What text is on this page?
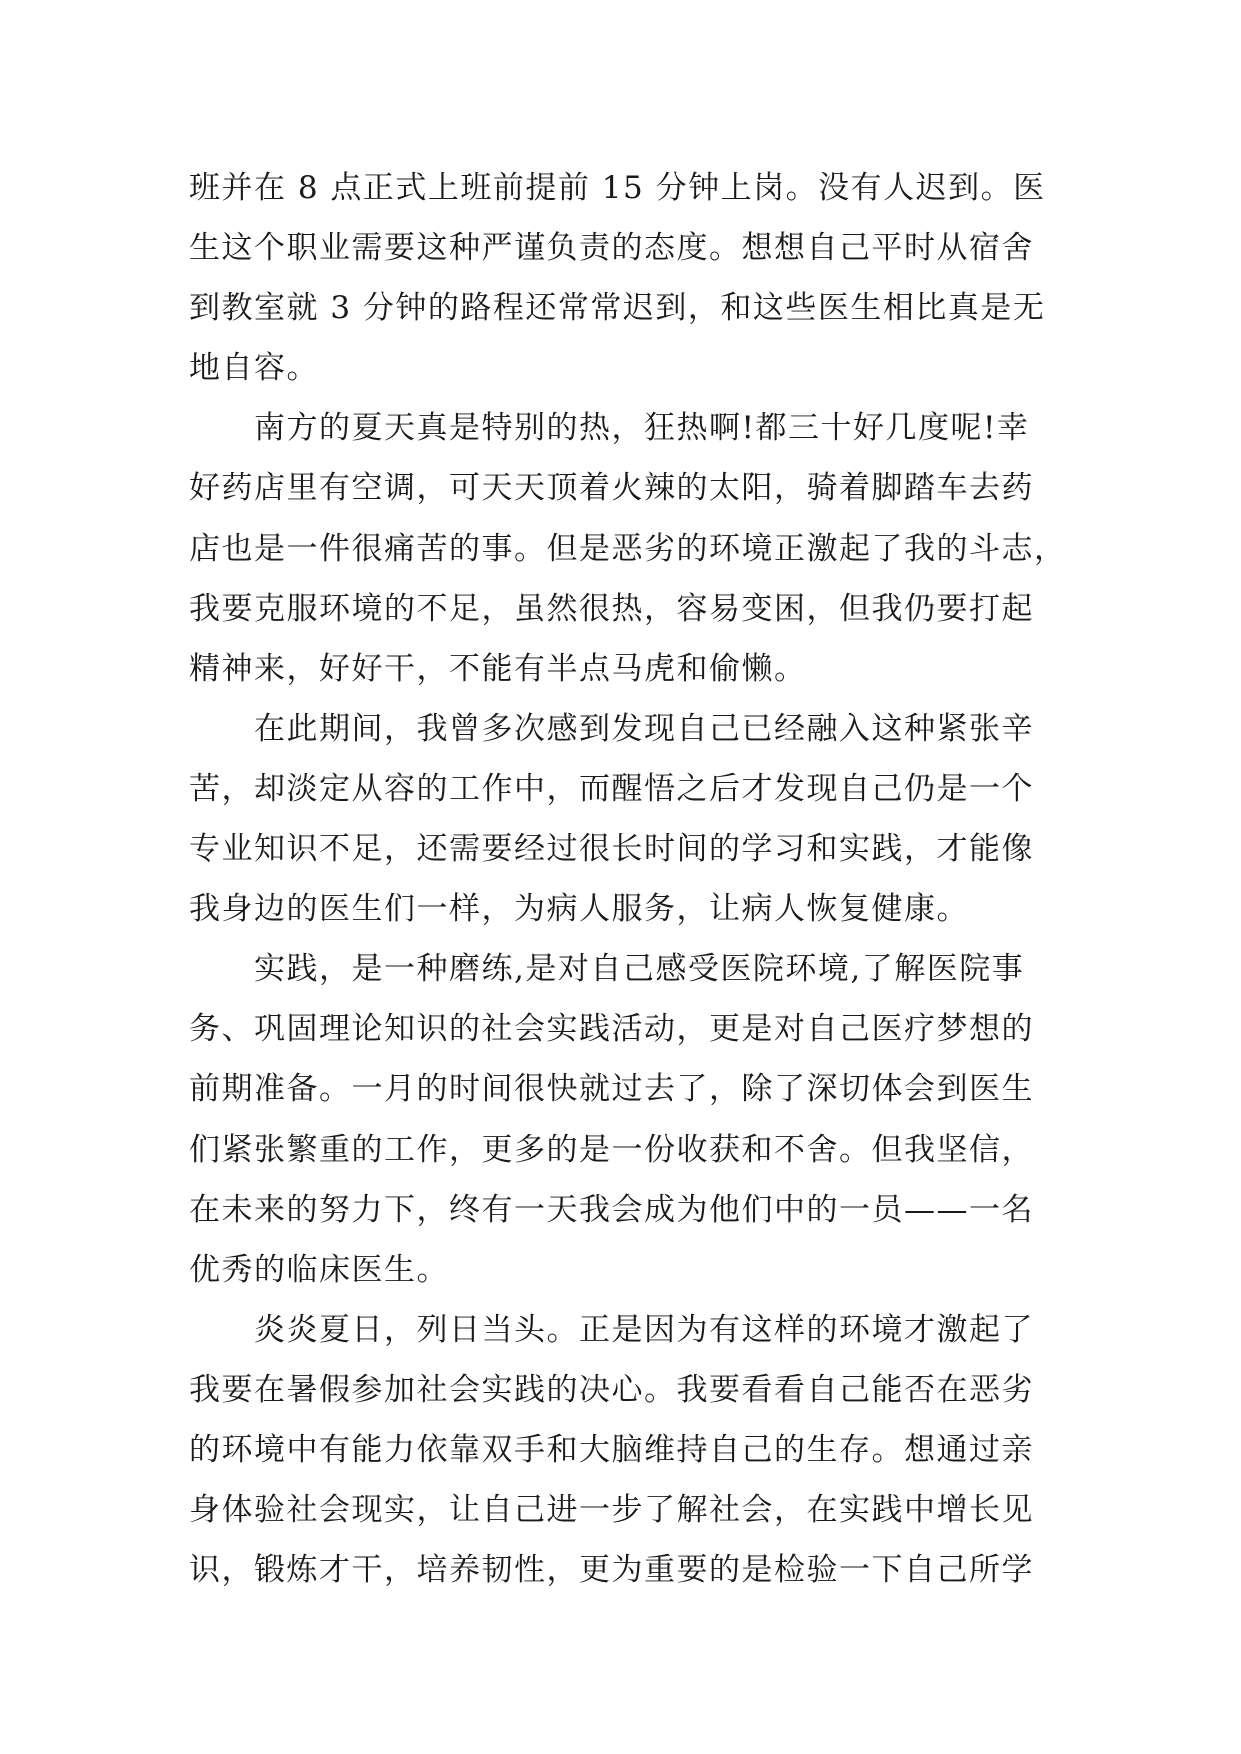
班并在 8 点正式上班前提前 15 分钟上岗。没有人迟到。医
生这个职业需要这种严谨负责的态度。想想自己平时从宿舍
到教室就 3 分钟的路程还常常迟到，和这些医生相比真是无
地自容。
南方的夏天真是特别的热，狂热啊!都三十好几度呢!幸
好药店里有空调，可天天顶着火辣的太阳，骑着脚踏车去药
店也是一件很痛苦的事。但是恶劣的环境正激起了我的斗志，
我要克服环境的不足，虽然很热，容易变困，但我仍要打起
精神来，好好干，不能有半点马虎和偷懒。
在此期间，我曾多次感到发现自己已经融入这种紧张辛
苦，却淡定从容的工作中，而醒悟之后才发现自己仍是一个
专业知识不足，还需要经过很长时间的学习和实践，才能像
我身边的医生们一样，为病人服务，让病人恢复健康。
实践，是一种磨练,是对自己感受医院环境,了解医院事
务、巩固理论知识的社会实践活动，更是对自己医疗梦想的
前期准备。一月的时间很快就过去了，除了深切体会到医生
们紧张繁重的工作，更多的是一份收获和不舍。但我坚信，
在未来的努力下，终有一天我会成为他们中的一员——一名
优秀的临床医生。
炎炎夏日，列日当头。正是因为有这样的环境才激起了
我要在暑假参加社会实践的决心。我要看看自己能否在恶劣
的环境中有能力依靠双手和大脑维持自己的生存。想通过亲
身体验社会现实，让自己进一步了解社会，在实践中增长见
识，锻炼才干，培养韧性，更为重要的是检验一下自己所学
